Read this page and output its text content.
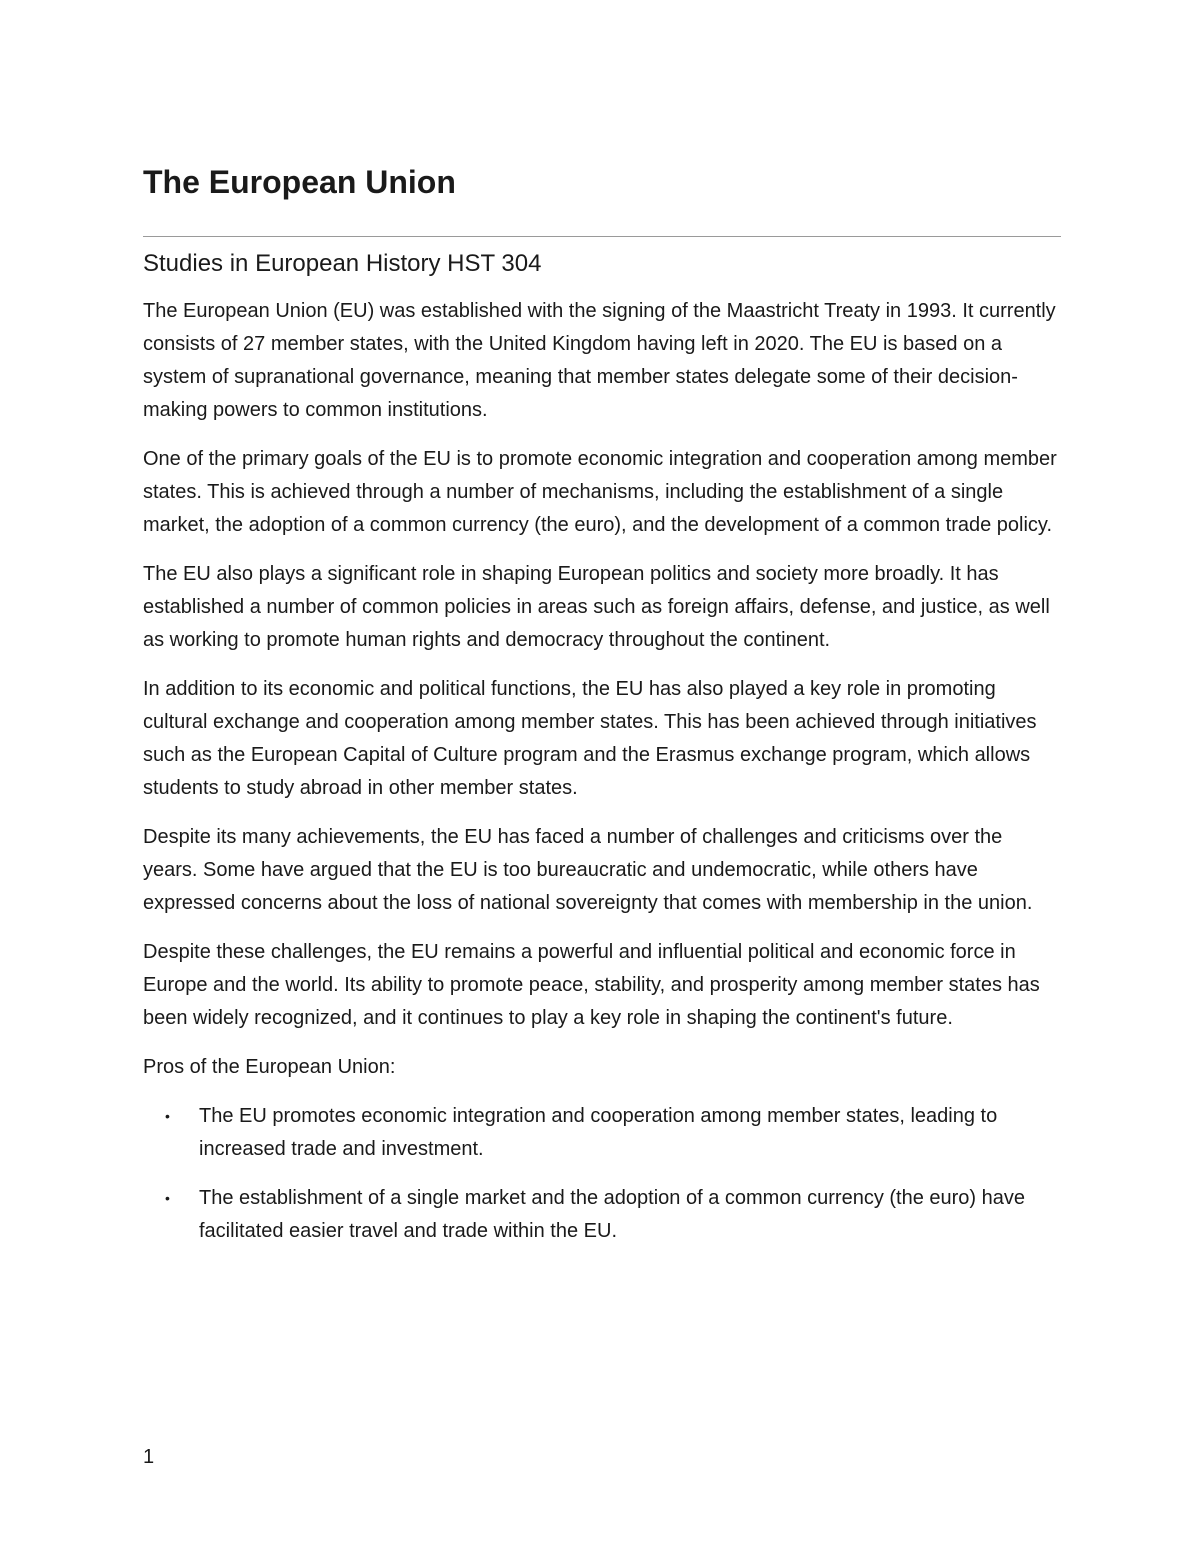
The European Union
Studies in European History HST 304

The European Union (EU) was established with the signing of the Maastricht Treaty in 1993. It currently consists of 27 member states, with the United Kingdom having left in 2020. The EU is based on a system of supranational governance, meaning that member states delegate some of their decision-making powers to common institutions.

One of the primary goals of the EU is to promote economic integration and cooperation among member states. This is achieved through a number of mechanisms, including the establishment of a single market, the adoption of a common currency (the euro), and the development of a common trade policy.

The EU also plays a significant role in shaping European politics and society more broadly. It has established a number of common policies in areas such as foreign affairs, defense, and justice, as well as working to promote human rights and democracy throughout the continent.

In addition to its economic and political functions, the EU has also played a key role in promoting cultural exchange and cooperation among member states. This has been achieved through initiatives such as the European Capital of Culture program and the Erasmus exchange program, which allows students to study abroad in other member states.

Despite its many achievements, the EU has faced a number of challenges and criticisms over the years. Some have argued that the EU is too bureaucratic and undemocratic, while others have expressed concerns about the loss of national sovereignty that comes with membership in the union.

Despite these challenges, the EU remains a powerful and influential political and economic force in Europe and the world. Its ability to promote peace, stability, and prosperity among member states has been widely recognized, and it continues to play a key role in shaping the continent's future.

Pros of the European Union:

• The EU promotes economic integration and cooperation among member states, leading to increased trade and investment.
• The establishment of a single market and the adoption of a common currency (the euro) have facilitated easier travel and trade within the EU.
1
